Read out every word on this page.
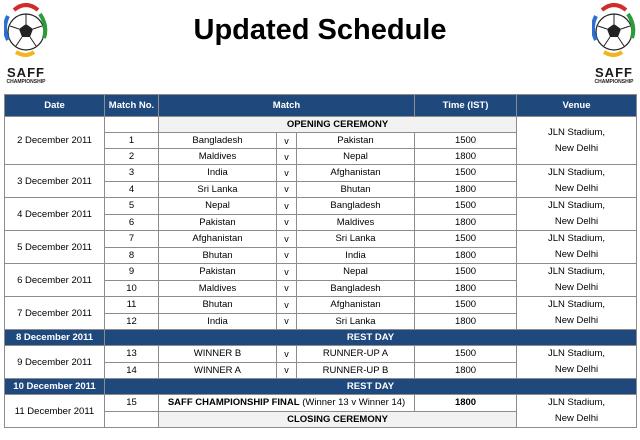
SAFF
CHAMPIONSHIP
SAFF
CHAMPIONSHIP
Updated Schedule
Date	Match No.	Match			Time (IST)	Venue
2 December 2011		OPENING CEREMONY				JLN Stadium,
New Delhi

	1	Bangladesh	v	Pakistan	1500	
	2	Maldives	v	Nepal	1800	
3 December 2011	3	India	v	Afghanistan	1500	JLN Stadium,
New Delhi

	4	Sri Lanka	v	Bhutan	1800	
4 December 2011	5	Nepal	v	Bangladesh	1500	JLN Stadium,
New Delhi

	6	Pakistan	v	Maldives	1800	
5 December 2011	7	Afghanistan	v	Sri Lanka	1500	JLN Stadium,
New Delhi

	8	Bhutan	v	India	1800	
6 December 2011	9	Pakistan	v	Nepal	1500	JLN Stadium,
New Delhi

	10	Maldives	v	Bangladesh	1800	
7 December 2011	11	Bhutan	v	Afghanistan	1500	JLN Stadium,
New Delhi

	12	India	v	Sri Lanka	1800	
8 December 2011	REST DAY					
9 December 2011	13	WINNER B	v	RUNNER-UP A	1500	JLN Stadium,
New Delhi

	14	WINNER A	v	RUNNER-UP B	1800	
10 December 2011	REST DAY					
11 December 2011	15	SAFF CHAMPIONSHIP FINAL (Winner 13 v Winner 14)			1800	JLN Stadium,
New Delhi

		CLOSING CEREMONY				
